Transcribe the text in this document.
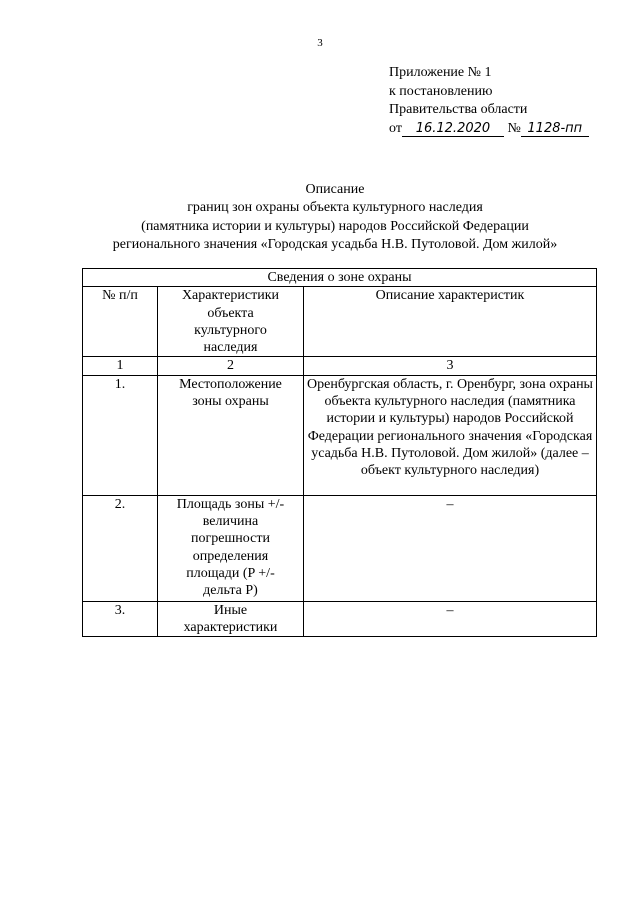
3
Приложение № 1
к постановлению
Правительства области
от 16.12.2020 № 1128-пп
Описание
границ зон охраны объекта культурного наследия
(памятника истории и культуры) народов Российской Федерации
регионального значения «Городская усадьба Н.В. Путоловой. Дом жилой»
Сведения о зоне охраны		
№ п/п	Характеристики объекта культурного наследия	Описание характеристик
1	2	3
1.	Местоположение зоны охраны	Оренбургская область, г. Оренбург, зона охраны объекта культурного наследия (памятника истории и культуры) народов Российской Федерации регионального значения «Городская усадьба Н.В. Путоловой. Дом жилой» (далее – объект культурного наследия)
2.	Площадь зоны +/- величина погрешности определения площади (P +/- дельта P)	–
3.	Иные характеристики	–
